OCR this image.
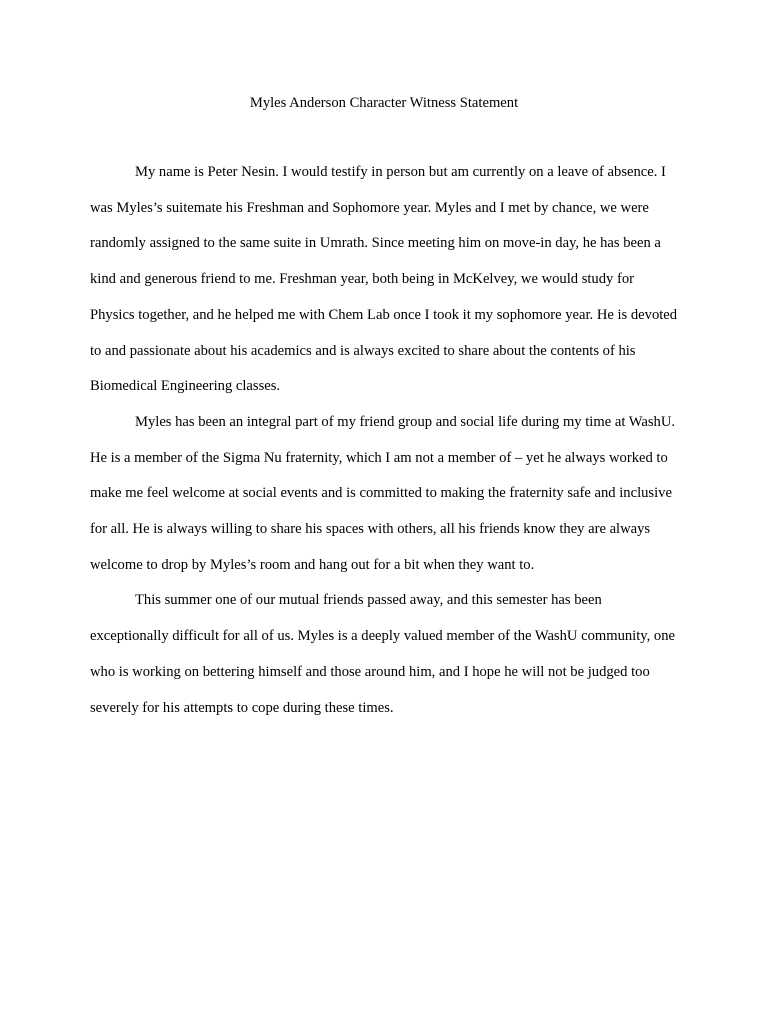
Myles Anderson Character Witness Statement

My name is Peter Nesin. I would testify in person but am currently on a leave of absence. I was Myles’s suitemate his Freshman and Sophomore year. Myles and I met by chance, we were randomly assigned to the same suite in Umrath. Since meeting him on move-in day, he has been a kind and generous friend to me. Freshman year, both being in McKelvey, we would study for Physics together, and he helped me with Chem Lab once I took it my sophomore year. He is devoted to and passionate about his academics and is always excited to share about the contents of his Biomedical Engineering classes.

Myles has been an integral part of my friend group and social life during my time at WashU. He is a member of the Sigma Nu fraternity, which I am not a member of – yet he always worked to make me feel welcome at social events and is committed to making the fraternity safe and inclusive for all. He is always willing to share his spaces with others, all his friends know they are always welcome to drop by Myles’s room and hang out for a bit when they want to.

This summer one of our mutual friends passed away, and this semester has been exceptionally difficult for all of us. Myles is a deeply valued member of the WashU community, one who is working on bettering himself and those around him, and I hope he will not be judged too severely for his attempts to cope during these times.
